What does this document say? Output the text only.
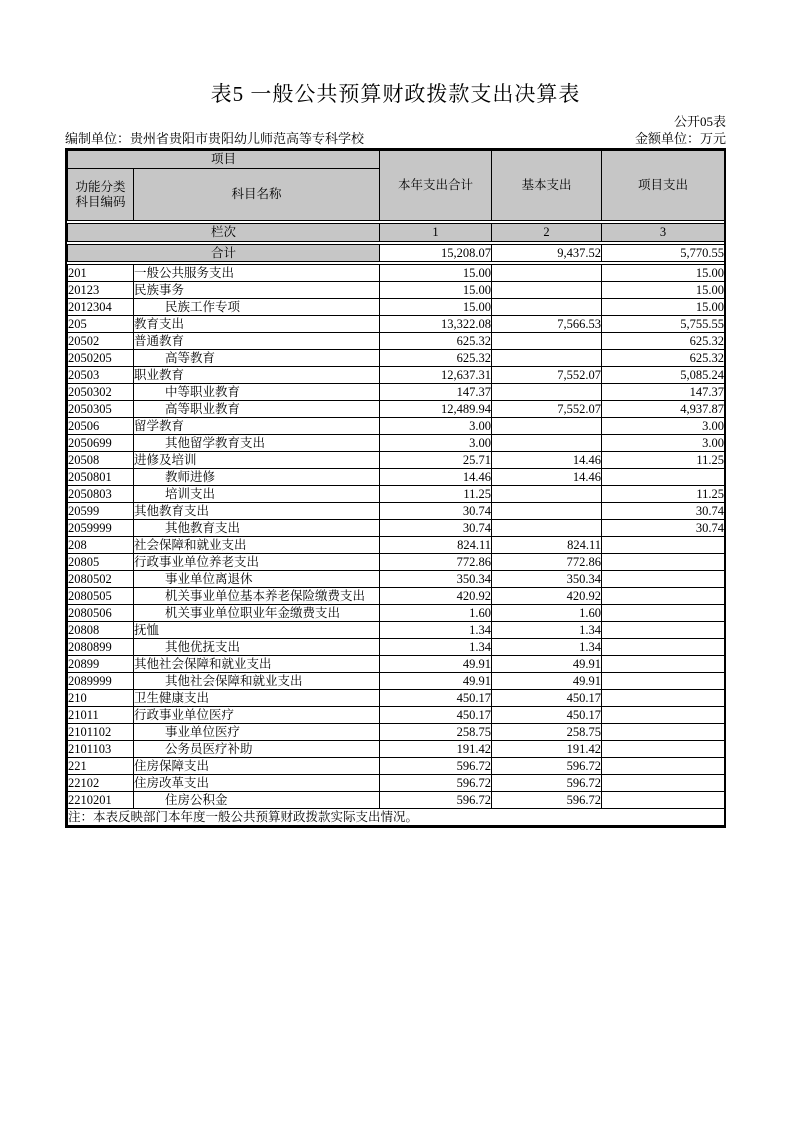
表5 一般公共预算财政拨款支出决算表
公开05表
编制单位：贵州省贵阳市贵阳幼儿师范高等专科学校	金额单位：万元
项目		本年支出合计	基本支出	项目支出
功能分类
科目编码	科目名称			
栏次	1	2	3
合计	15,208.07	9,437.52	5,770.55
201	一般公共服务支出	15.00		15.00
20123	民族事务	15.00		15.00
2012304	民族工作专项	15.00		15.00
205	教育支出	13,322.08	7,566.53	5,755.55
20502	普通教育	625.32		625.32
2050205	高等教育	625.32		625.32
20503	职业教育	12,637.31	7,552.07	5,085.24
2050302	中等职业教育	147.37		147.37
2050305	高等职业教育	12,489.94	7,552.07	4,937.87
20506	留学教育	3.00		3.00
2050699	其他留学教育支出	3.00		3.00
20508	进修及培训	25.71	14.46	11.25
2050801	教师进修	14.46	14.46	
2050803	培训支出	11.25		11.25
20599	其他教育支出	30.74		30.74
2059999	其他教育支出	30.74		30.74
208	社会保障和就业支出	824.11	824.11	
20805	行政事业单位养老支出	772.86	772.86	
2080502	事业单位离退休	350.34	350.34	
2080505	机关事业单位基本养老保险缴费支出	420.92	420.92	
2080506	机关事业单位职业年金缴费支出	1.60	1.60	
20808	抚恤	1.34	1.34	
2080899	其他优抚支出	1.34	1.34	
20899	其他社会保障和就业支出	49.91	49.91	
2089999	其他社会保障和就业支出	49.91	49.91	
210	卫生健康支出	450.17	450.17	
21011	行政事业单位医疗	450.17	450.17	
2101102	事业单位医疗	258.75	258.75	
2101103	公务员医疗补助	191.42	191.42	
221	住房保障支出	596.72	596.72	
22102	住房改革支出	596.72	596.72	
2210201	住房公积金	596.72	596.72	
注：本表反映部门本年度一般公共预算财政拨款实际支出情况。				
